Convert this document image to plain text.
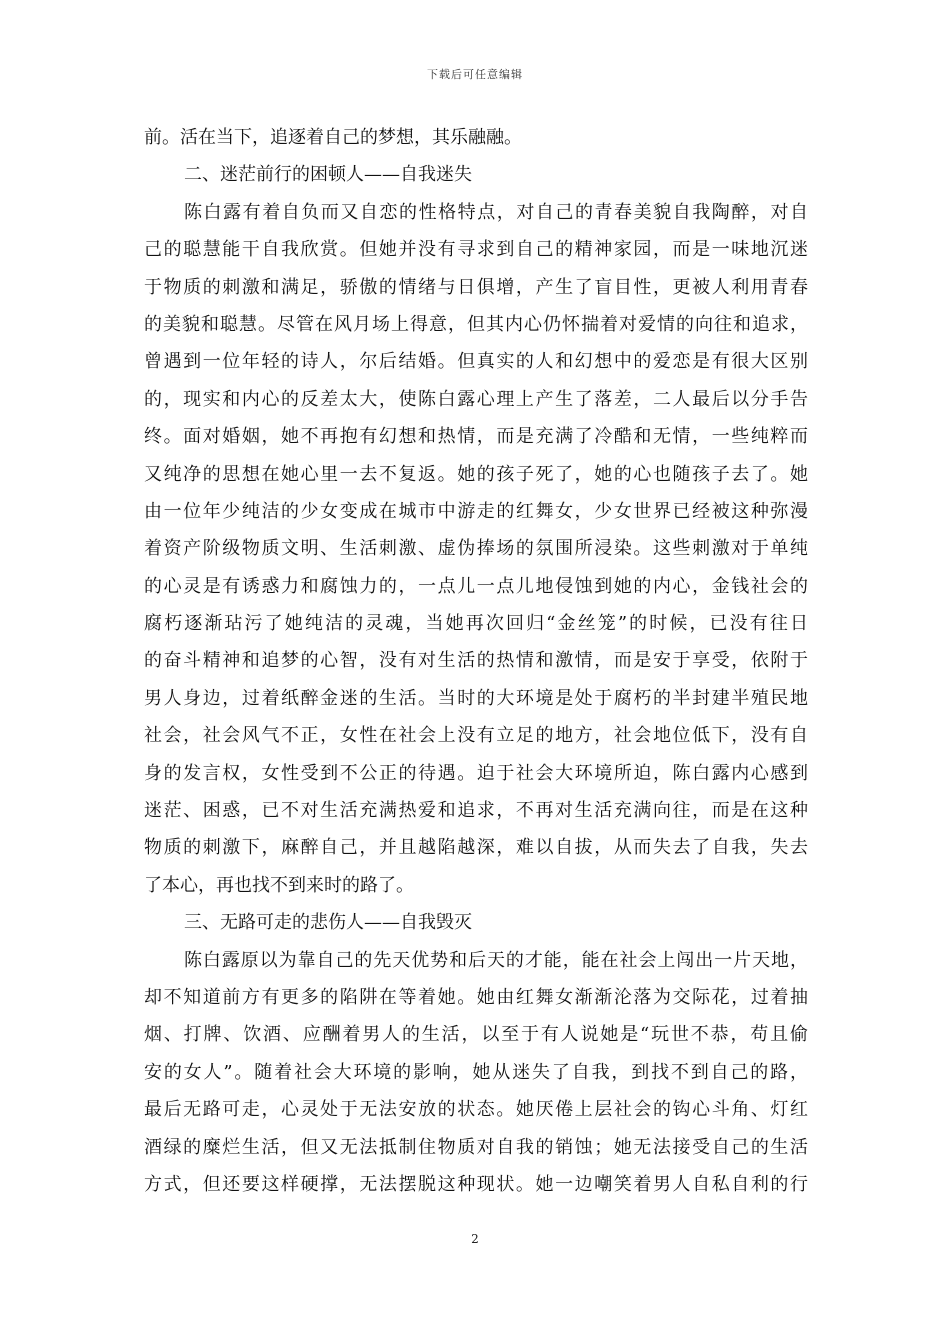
下载后可任意编辑
前。活在当下，追逐着自己的梦想，其乐融融。
二、迷茫前行的困顿人——自我迷失
陈白露有着自负而又自恋的性格特点，对自己的青春美貌自我陶醉，对自
己的聪慧能干自我欣赏。但她并没有寻求到自己的精神家园，而是一味地沉迷
于物质的刺激和满足，骄傲的情绪与日俱增，产生了盲目性，更被人利用青春
的美貌和聪慧。尽管在风月场上得意，但其内心仍怀揣着对爱情的向往和追求，
曾遇到一位年轻的诗人，尔后结婚。但真实的人和幻想中的爱恋是有很大区别
的，现实和内心的反差太大，使陈白露心理上产生了落差，二人最后以分手告
终。面对婚姻，她不再抱有幻想和热情，而是充满了冷酷和无情，一些纯粹而
又纯净的思想在她心里一去不复返。她的孩子死了，她的心也随孩子去了。她
由一位年少纯洁的少女变成在城市中游走的红舞女，少女世界已经被这种弥漫
着资产阶级物质文明、生活刺激、虚伪捧场的氛围所浸染。这些刺激对于单纯
的心灵是有诱惑力和腐蚀力的，一点儿一点儿地侵蚀到她的内心，金钱社会的
腐朽逐渐玷污了她纯洁的灵魂，当她再次回归“金丝笼”的时候，已没有往日
的奋斗精神和追梦的心智，没有对生活的热情和激情，而是安于享受，依附于
男人身边，过着纸醉金迷的生活。当时的大环境是处于腐朽的半封建半殖民地
社会，社会风气不正，女性在社会上没有立足的地方，社会地位低下，没有自
身的发言权，女性受到不公正的待遇。迫于社会大环境所迫，陈白露内心感到
迷茫、困惑，已不对生活充满热爱和追求，不再对生活充满向往，而是在这种
物质的刺激下，麻醉自己，并且越陷越深，难以自拔，从而失去了自我，失去
了本心，再也找不到来时的路了。
三、无路可走的悲伤人——自我毁灭
陈白露原以为靠自己的先天优势和后天的才能，能在社会上闯出一片天地，
却不知道前方有更多的陷阱在等着她。她由红舞女渐渐沦落为交际花，过着抽
烟、打牌、饮酒、应酬着男人的生活，以至于有人说她是“玩世不恭，苟且偷
安的女人”。随着社会大环境的影响，她从迷失了自我，到找不到自己的路，
最后无路可走，心灵处于无法安放的状态。她厌倦上层社会的钩心斗角、灯红
酒绿的糜烂生活，但又无法抵制住物质对自我的销蚀；她无法接受自己的生活
方式，但还要这样硬撑，无法摆脱这种现状。她一边嘲笑着男人自私自利的行
2
